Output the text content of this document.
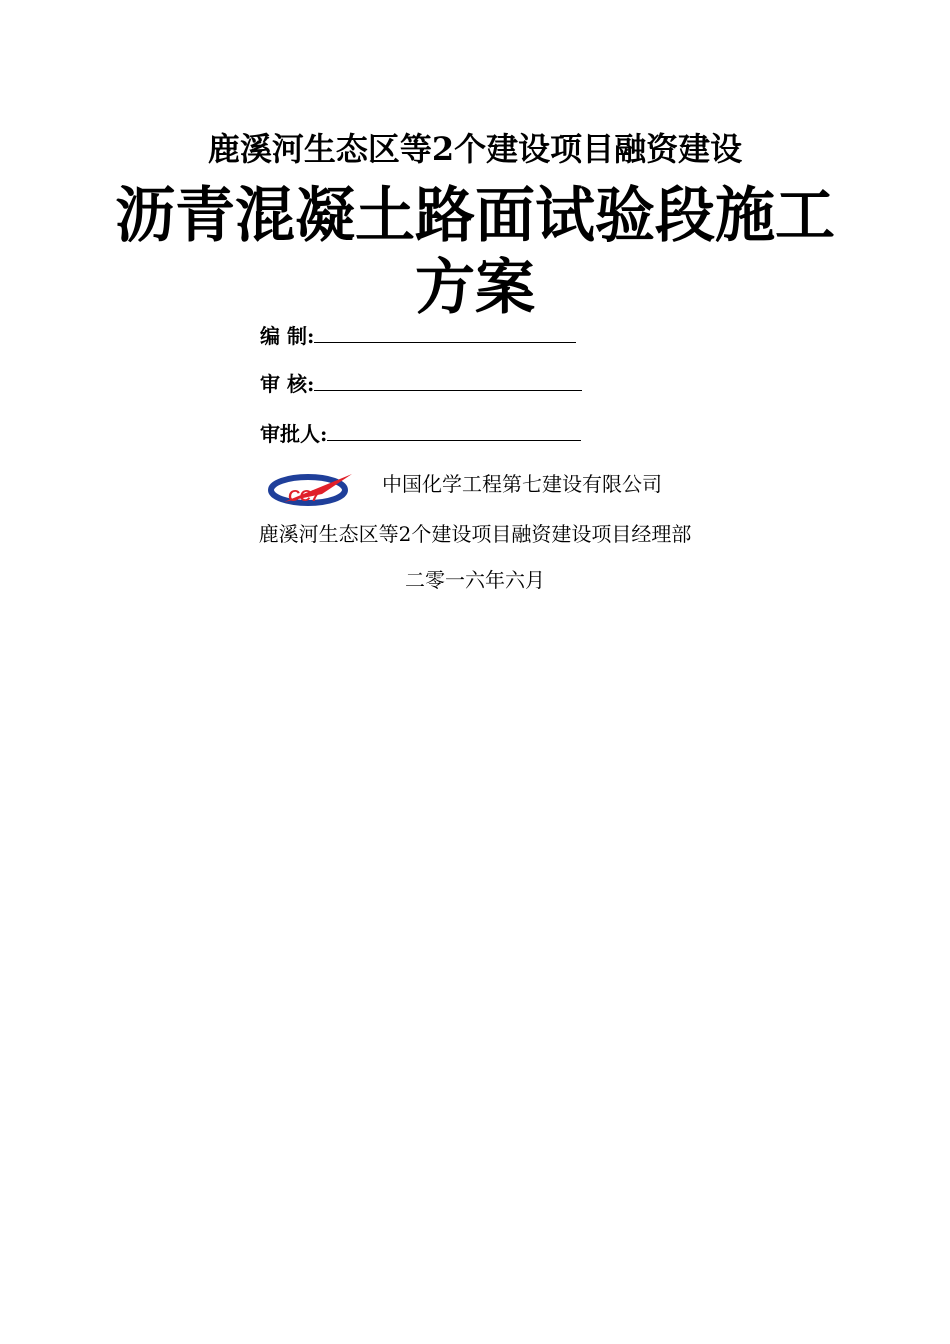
鹿溪河生态区等2个建设项目融资建设
沥青混凝土路面试验段施工
方案
编 制:
审 核:
审批人:
CC7
中国化学工程第七建设有限公司
鹿溪河生态区等2个建设项目融资建设项目经理部
二零一六年六月
